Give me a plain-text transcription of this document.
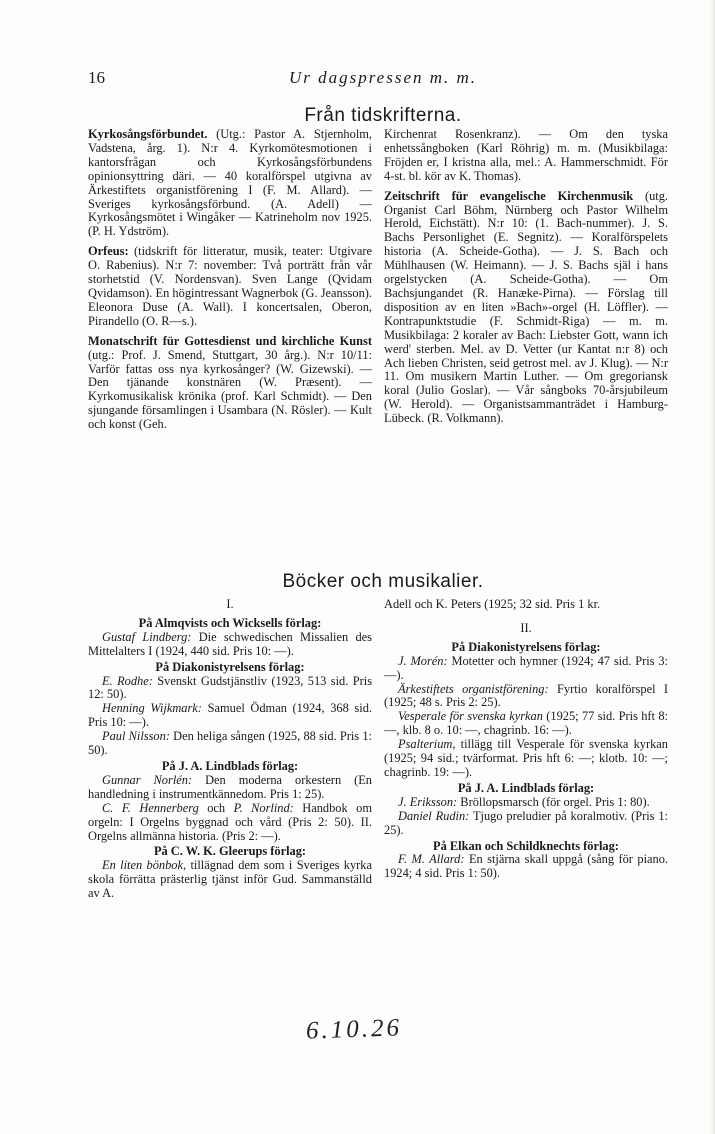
16	Ur dagspressen m. m.
Från tidskrifterna.

Kyrkosångsförbundet. (Utg.: Pastor A. Stjernholm, Vadstena, årg. 1). N:r 4. Kyrkomötesmotionen i kantorsfrågan och Kyrkosångsförbundens opinionsyttring däri. — 40 koralförspel utgivna av Ärkestiftets organistförening I (F. M. Allard). — Sveriges kyrkosångsförbund. (A. Adell) — Kyrkosångsmötet i Wingåker — Katrineholm nov 1925. (P. H. Ydström).

Orfeus: (tidskrift för litteratur, musik, teater: Utgivare O. Rabenius). N:r 7: november: Två porträtt från vår storhetstid (V. Nordensvan). Sven Lange (Qvidam Qvidamson). En högintressant Wagnerbok (G. Jeansson). Eleonora Duse (A. Wall). I koncertsalen, Oberon, Pirandello (O. R—s.).

Monatschrift für Gottesdienst und kirchliche Kunst (utg.: Prof. J. Smend, Stuttgart, 30 årg.). N:r 10/11: Varför fattas oss nya kyrkosånger? (W. Gizewski). — Den tjänande konstnären (W. Præsent). — Kyrkomusikalisk krönika (prof. Karl Schmidt). — Den sjungande församlingen i Usambara (N. Rösler). — Kult och konst (Geh.

Kirchenrat Rosenkranz). — Om den tyska enhetssångboken (Karl Röhrig) m. m. (Musikbilaga: Fröjden er, I kristna alla, mel.: A. Hammerschmidt. För 4-st. bl. kör av K. Thomas).

Zeitschrift für evangelische Kirchenmusik (utg. Organist Carl Böhm, Nürnberg och Pastor Wilhelm Herold, Eichstätt). N:r 10: (1. Bach-nummer). J. S. Bachs Personlighet (E. Segnitz). — Koralförspelets historia (A. Scheide-Gotha). — J. S. Bach och Mühlhausen (W. Heimann). — J. S. Bachs själ i hans orgelstycken (A. Scheide-Gotha). — Om Bachsjungandet (R. Hanæke-Pirna). — Förslag till disposition av en liten »Bach»-orgel (H. Löffler). — Kontrapunktstudie (F. Schmidt-Riga) — m. m. Musikbilaga: 2 koraler av Bach: Liebster Gott, wann ich werd' sterben. Mel. av D. Vetter (ur Kantat n:r 8) och Ach lieben Christen, seid getrost mel. av J. Klug). — N:r 11. Om musikern Martin Luther. — Om gregoriansk koral (Julio Goslar). — Vår sångboks 70-årsjubileum (W. Herold). — Organistsammanträdet i Hamburg-Lübeck. (R. Volkmann).

Böcker och musikalier.
I.
På Almqvists och Wicksells förlag:

Gustaf Lindberg: Die schwedischen Missalien des Mittelalters I (1924, 440 sid. Pris 10: —).

På Diakonistyrelsens förlag:

E. Rodhe: Svenskt Gudstjänstliv (1923, 513 sid. Pris 12: 50).

Henning Wijkmark: Samuel Ödman (1924, 368 sid. Pris 10: —).

Paul Nilsson: Den heliga sången (1925, 88 sid. Pris 1: 50).

På J. A. Lindblads förlag:

Gunnar Norlén: Den moderna orkestern (En handledning i instrumentkännedom. Pris 1: 25).

C. F. Hennerberg och P. Norlind: Handbok om orgeln: I Orgelns byggnad och vård (Pris 2: 50). II. Orgelns allmänna historia. (Pris 2: —).

På C. W. K. Gleerups förlag:

En liten bönbok, tillägnad dem som i Sveriges kyrka skola förrätta prästerlig tjänst inför Gud. Sammanställd av A.

Adell och K. Peters (1925; 32 sid. Pris 1 kr.

II.
På Diakonistyrelsens förlag:

J. Morén: Motetter och hymner (1924; 47 sid. Pris 3: —).

Ärkestiftets organistförening: Fyrtio koralförspel I (1925; 48 s. Pris 2: 25).

Vesperale för svenska kyrkan (1925; 77 sid. Pris hft 8: —, klb. 8 o. 10: —, chagrinb. 16: —).

Psalterium, tillägg till Vesperale för svenska kyrkan (1925; 94 sid.; tvärformat. Pris hft 6: —; klotb. 10: —; chagrinb. 19: —).

På J. A. Lindblads förlag:

J. Eriksson: Bröllopsmarsch (för orgel. Pris 1: 80).

Daniel Rudin: Tjugo preludier på koralmotiv. (Pris 1: 25).

På Elkan och Schildknechts förlag:

F. M. Allard: En stjärna skall uppgå (sång för piano. 1924; 4 sid. Pris 1: 50).

6.10.26
